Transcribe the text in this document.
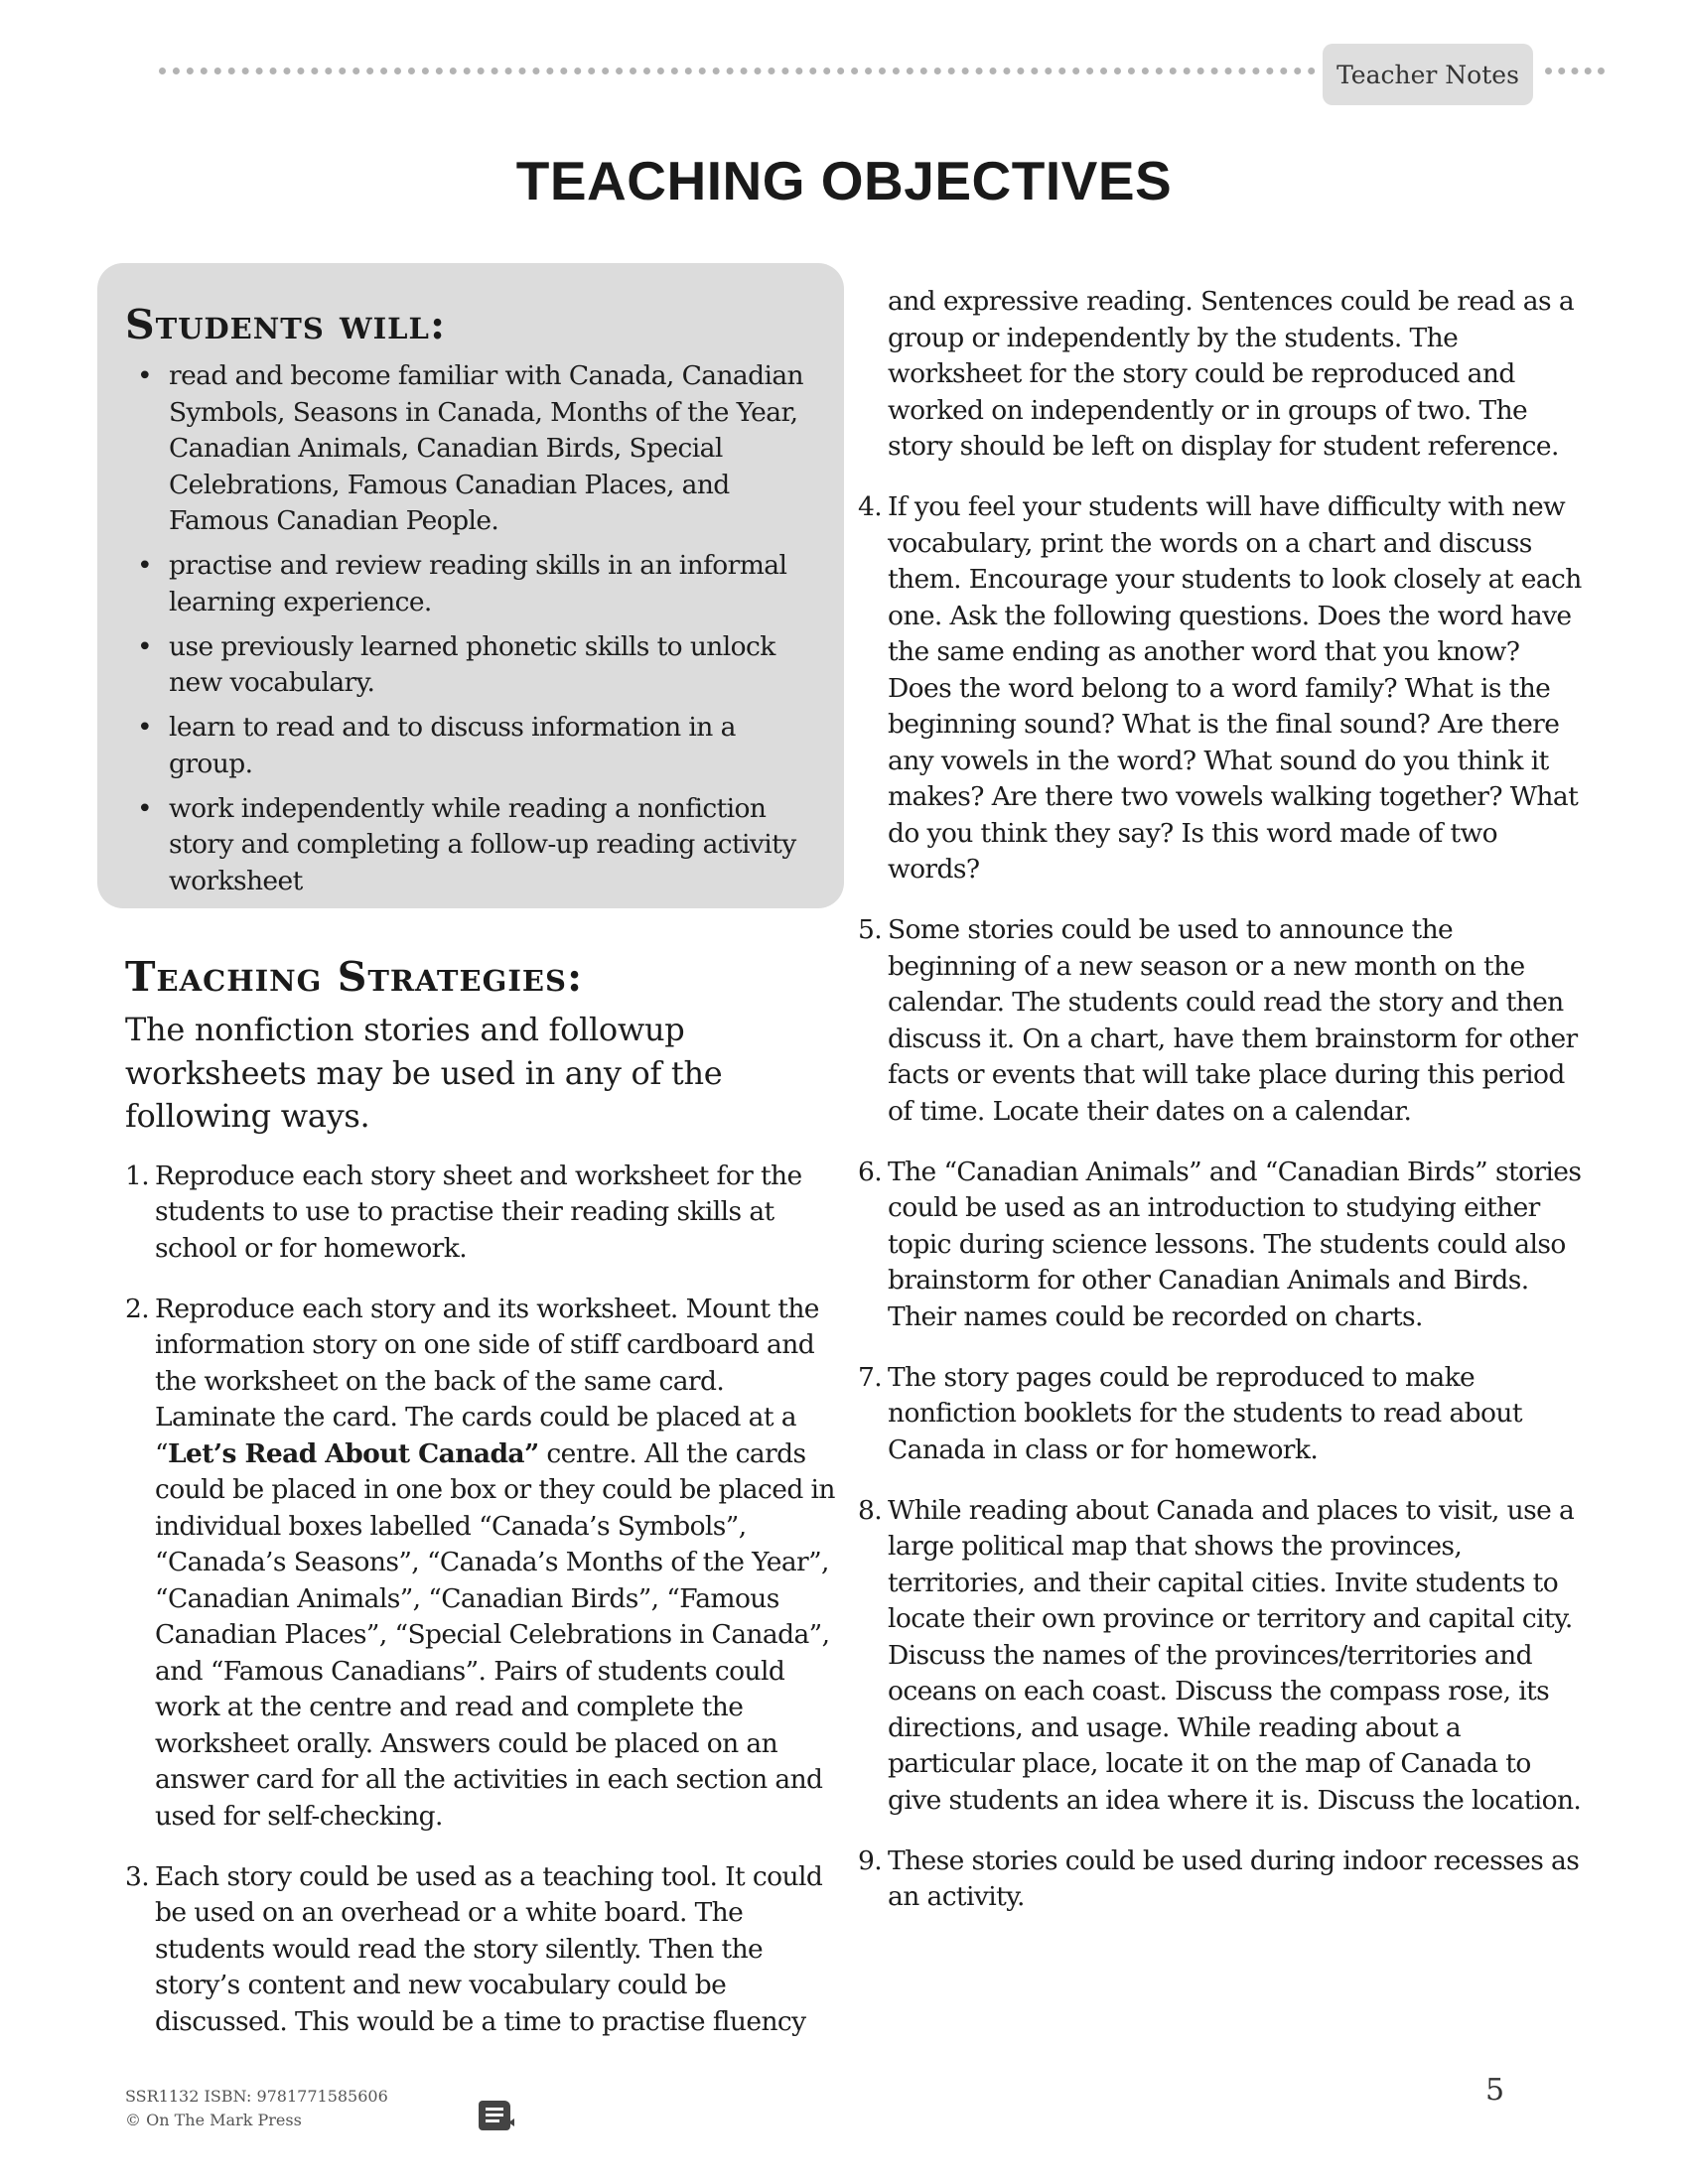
Teacher Notes
TEACHING OBJECTIVES
Students will:
• read and become familiar with Canada, Canadian Symbols, Seasons in Canada, Months of the Year, Canadian Animals, Canadian Birds, Special Celebrations, Famous Canadian Places, and Famous Canadian People.
• practise and review reading skills in an informal learning experience.
• use previously learned phonetic skills to unlock new vocabulary.
• learn to read and to discuss information in a group.
• work independently while reading a nonfiction story and completing a follow-up reading activity worksheet
Teaching Strategies:

The nonfiction stories and followup worksheets may be used in any of the following ways.

1. Reproduce each story sheet and worksheet for the students to use to practise their reading skills at school or for homework.
2. Reproduce each story and its worksheet. Mount the information story on one side of stiff cardboard and the worksheet on the back of the same card. Laminate the card. The cards could be placed at a “Let’s Read About Canada” centre. All the cards could be placed in one box or they could be placed in individual boxes labelled “Canada’s Symbols”, “Canada’s Seasons”, “Canada’s Months of the Year”, “Canadian Animals”, “Canadian Birds”, “Famous Canadian Places”, “Special Celebrations in Canada”, and “Famous Canadians”. Pairs of students could work at the centre and read and complete the worksheet orally. Answers could be placed on an answer card for all the activities in each section and used for self-checking.
3. Each story could be used as a teaching tool. It could be used on an overhead or a white board. The students would read the story silently. Then the story’s content and new vocabulary could be discussed. This would be a time to practise fluency

and expressive reading. Sentences could be read as a group or independently by the students. The worksheet for the story could be reproduced and worked on independently or in groups of two. The story should be left on display for student reference.

4. If you feel your students will have difficulty with new vocabulary, print the words on a chart and discuss them. Encourage your students to look closely at each one. Ask the following questions. Does the word have the same ending as another word that you know? Does the word belong to a word family? What is the beginning sound? What is the final sound? Are there any vowels in the word? What sound do you think it makes? Are there two vowels walking together? What do you think they say? Is this word made of two words?
5. Some stories could be used to announce the beginning of a new season or a new month on the calendar. The students could read the story and then discuss it. On a chart, have them brainstorm for other facts or events that will take place during this period of time. Locate their dates on a calendar.
6. The “Canadian Animals” and “Canadian Birds” stories could be used as an introduction to studying either topic during science lessons. The students could also brainstorm for other Canadian Animals and Birds. Their names could be recorded on charts.
7. The story pages could be reproduced to make nonfiction booklets for the students to read about Canada in class or for homework.
8. While reading about Canada and places to visit, use a large political map that shows the provinces, territories, and their capital cities. Invite students to locate their own province or territory and capital city. Discuss the names of the provinces/territories and oceans on each coast. Discuss the compass rose, its directions, and usage. While reading about a particular place, locate it on the map of Canada to give students an idea where it is. Discuss the location.
9. These stories could be used during indoor recesses as an activity.
SSR1132 ISBN: 9781771585606
© On The Mark Press
5
